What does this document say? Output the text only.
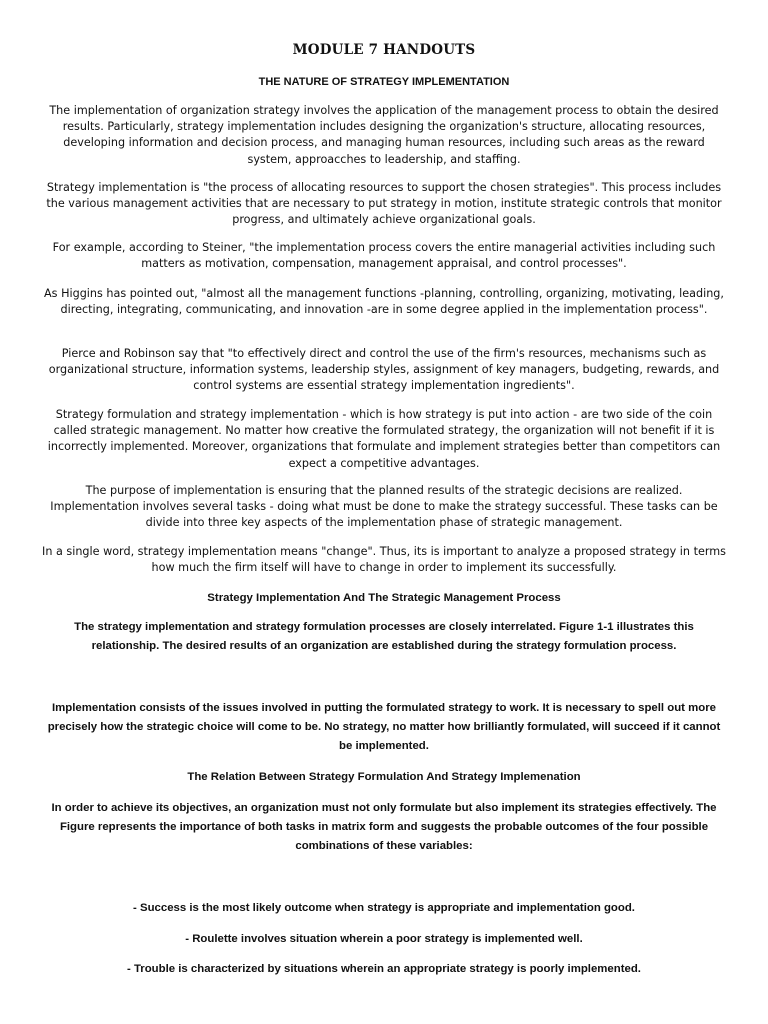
MODULE 7 HANDOUTS
THE NATURE OF STRATEGY IMPLEMENTATION

The implementation of organization strategy involves the application of the management process to obtain the desired results. Particularly, strategy implementation includes designing the organization's structure, allocating resources, developing information and decision process, and managing human resources, including such areas as the reward system, approacches to leadership, and staffing.

Strategy implementation is "the process of allocating resources to support the chosen strategies". This process includes the various management activities that are necessary to put strategy in motion, institute strategic controls that monitor progress, and ultimately achieve organizational goals.

For example, according to Steiner, "the implementation process covers the entire managerial activities including such matters as motivation, compensation, management appraisal, and control processes".

As Higgins has pointed out, "almost all the management functions -planning, controlling, organizing, motivating, leading, directing, integrating, communicating, and innovation -are in some degree applied in the implementation process".

Pierce and Robinson say that "to effectively direct and control the use of the firm's resources, mechanisms such as organizational structure, information systems, leadership styles, assignment of key managers, budgeting, rewards, and control systems are essential strategy implementation ingredients".

Strategy formulation and strategy implementation - which is how strategy is put into action - are two side of the coin called strategic management. No matter how creative the formulated strategy, the organization will not benefit if it is incorrectly implemented. Moreover, organizations that formulate and implement strategies better than competitors can expect a competitive advantages.

The purpose of implementation is ensuring that the planned results of the strategic decisions are realized. Implementation involves several tasks - doing what must be done to make the strategy successful. These tasks can be divide into three key aspects of the implementation phase of strategic management.

In a single word, strategy implementation means "change". Thus, its is important to analyze a proposed strategy in terms how much the firm itself will have to change in order to implement its successfully.

Strategy Implementation And The Strategic Management Process

The strategy implementation and strategy formulation processes are closely interrelated. Figure 1-1 illustrates this relationship. The desired results of an organization are established during the strategy formulation process.

Implementation consists of the issues involved in putting the formulated strategy to work. It is necessary to spell out more precisely how the strategic choice will come to be. No strategy, no matter how brilliantly formulated, will succeed if it cannot be implemented.

The Relation Between Strategy Formulation And Strategy Implemenation

In order to achieve its objectives, an organization must not only formulate but also implement its strategies effectively. The Figure represents the importance of both tasks in matrix form and suggests the probable outcomes of the four possible combinations of these variables:

- Success is the most likely outcome when strategy is appropriate and implementation good.

- Roulette involves situation wherein a poor strategy is implemented well.

- Trouble is characterized by situations wherein an appropriate strategy is poorly implemented.
